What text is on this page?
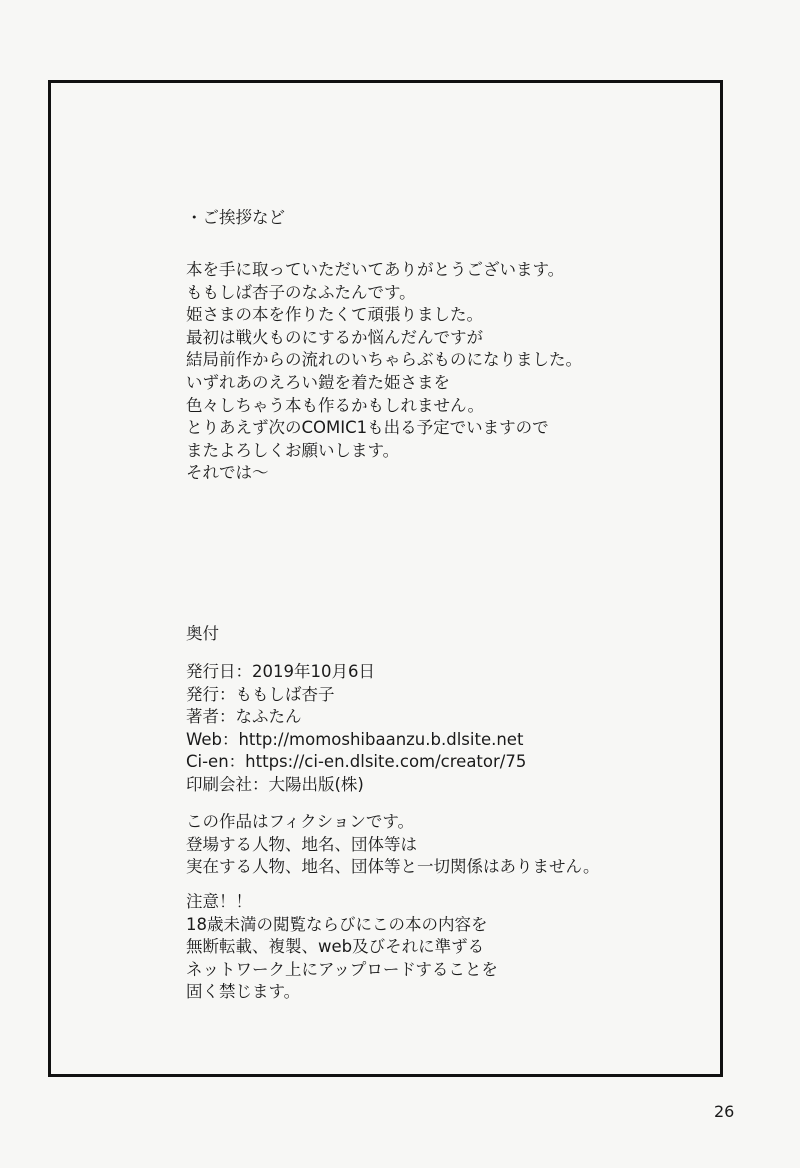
・ご挨拶など
本を手に取っていただいてありがとうございます。
ももしば杏子のなふたんです。
姫さまの本を作りたくて頑張りました。
最初は戦火ものにするか悩んだんですが
結局前作からの流れのいちゃらぶものになりました。
いずれあのえろい鎧を着た姫さまを
色々しちゃう本も作るかもしれません。
とりあえず次のCOMIC1も出る予定でいますので
またよろしくお願いします。
それでは〜
奥付
発行日：2019年10月6日
発行：ももしば杏子
著者：なふたん
Web：http://momoshibaanzu.b.dlsite.net
Ci-en：https://ci-en.dlsite.com/creator/75
印刷会社：大陽出版(株)
この作品はフィクションです。
登場する人物、地名、団体等は
実在する人物、地名、団体等と一切関係はありません。
注意！！
18歳未満の閲覧ならびにこの本の内容を
無断転載、複製、web及びそれに準ずる
ネットワーク上にアップロードすることを
固く禁じます。
26
